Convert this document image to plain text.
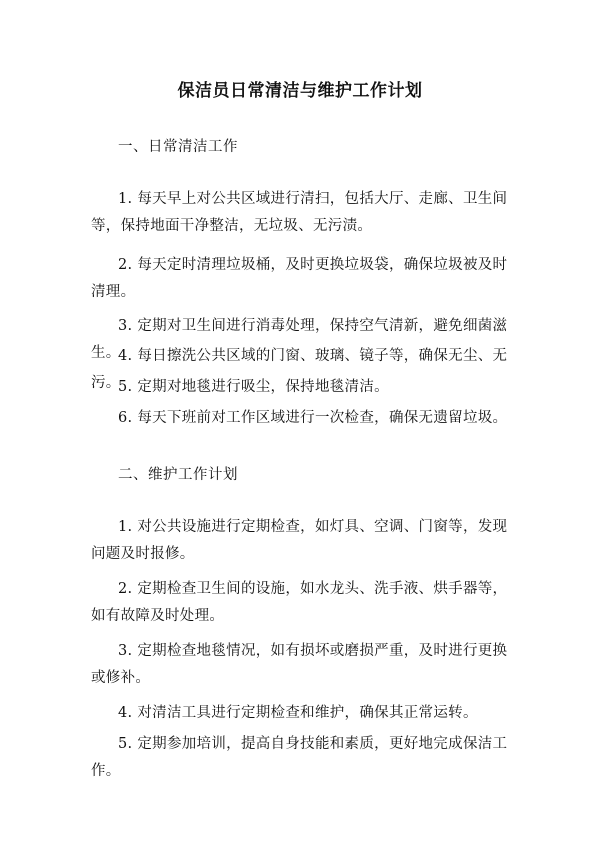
保洁员日常清洁与维护工作计划
一、日常清洁工作
1. 每天早上对公共区域进行清扫，包括大厅、走廊、卫生间等，保持地面干净整洁，无垃圾、无污渍。
2. 每天定时清理垃圾桶，及时更换垃圾袋，确保垃圾被及时清理。
3. 定期对卫生间进行消毒处理，保持空气清新，避免细菌滋生。
4. 每日擦洗公共区域的门窗、玻璃、镜子等，确保无尘、无污。
5. 定期对地毯进行吸尘，保持地毯清洁。
6. 每天下班前对工作区域进行一次检查，确保无遗留垃圾。
二、维护工作计划
1. 对公共设施进行定期检查，如灯具、空调、门窗等，发现问题及时报修。
2. 定期检查卫生间的设施，如水龙头、洗手液、烘手器等，如有故障及时处理。
3. 定期检查地毯情况，如有损坏或磨损严重，及时进行更换或修补。
4. 对清洁工具进行定期检查和维护，确保其正常运转。
5. 定期参加培训，提高自身技能和素质，更好地完成保洁工作。
